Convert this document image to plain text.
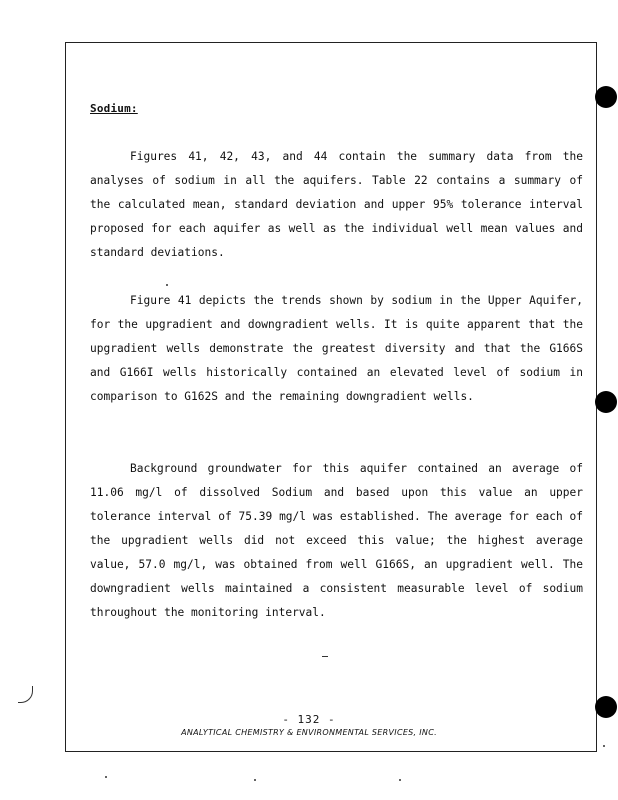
Sodium:

Figures 41, 42, 43, and 44 contain the summary data from the analyses of sodium in all the aquifers. Table 22 contains a summary of the calculated mean, standard deviation and upper 95% tolerance interval proposed for each aquifer as well as the individual well mean values and standard deviations.

Figure 41 depicts the trends shown by sodium in the Upper Aquifer, for the upgradient and downgradient wells. It is quite apparent that the upgradient wells demonstrate the greatest diversity and that the G166S and G166I wells historically contained an elevated level of sodium in comparison to G162S and the remaining downgradient wells.

Background groundwater for this aquifer contained an average of 11.06 mg/l of dissolved Sodium and based upon this value an upper tolerance interval of 75.39 mg/l was established. The average for each of the upgradient wells did not exceed this value; the highest average value, 57.0 mg/l, was obtained from well G166S, an upgradient well. The downgradient wells maintained a consistent measurable level of sodium throughout the monitoring interval.

- 132 -
ANALYTICAL CHEMISTRY & ENVIRONMENTAL SERVICES, INC.
